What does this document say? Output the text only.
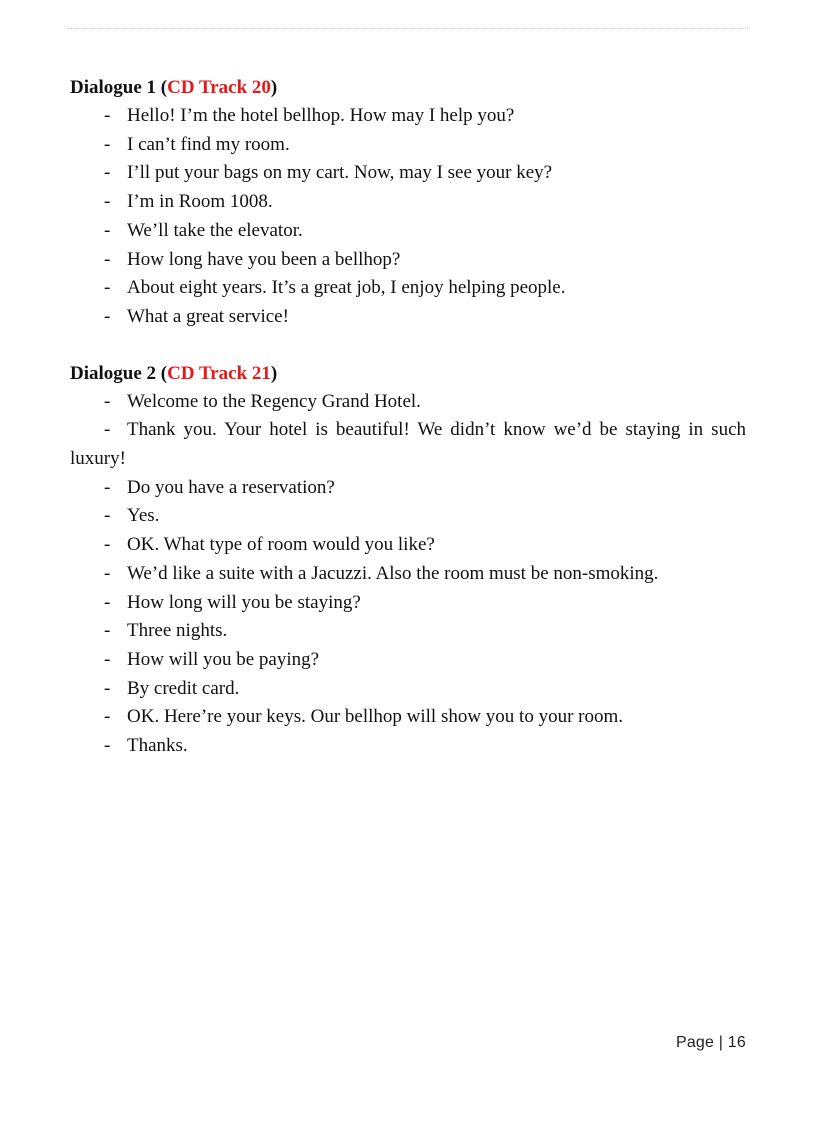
Dialogue 1 (CD Track 20)

- Hello! I’m the hotel bellhop. How may I help you?
- I can’t find my room.
- I’ll put your bags on my cart. Now, may I see your key?
- I’m in Room 1008.
- We’ll take the elevator.
- How long have you been a bellhop?
- About eight years. It’s a great job, I enjoy helping people.
- What a great service!

Dialogue 2 (CD Track 21)

- Welcome to the Regency Grand Hotel.
- Thank you. Your hotel is beautiful! We didn’t know we’d be staying in such luxury!
- Do you have a reservation?
- Yes.
- OK. What type of room would you like?
- We’d like a suite with a Jacuzzi. Also the room must be non-smoking.
- How long will you be staying?
- Three nights.
- How will you be paying?
- By credit card.
- OK. Here’re your keys. Our bellhop will show you to your room.
- Thanks.
Page | 16
